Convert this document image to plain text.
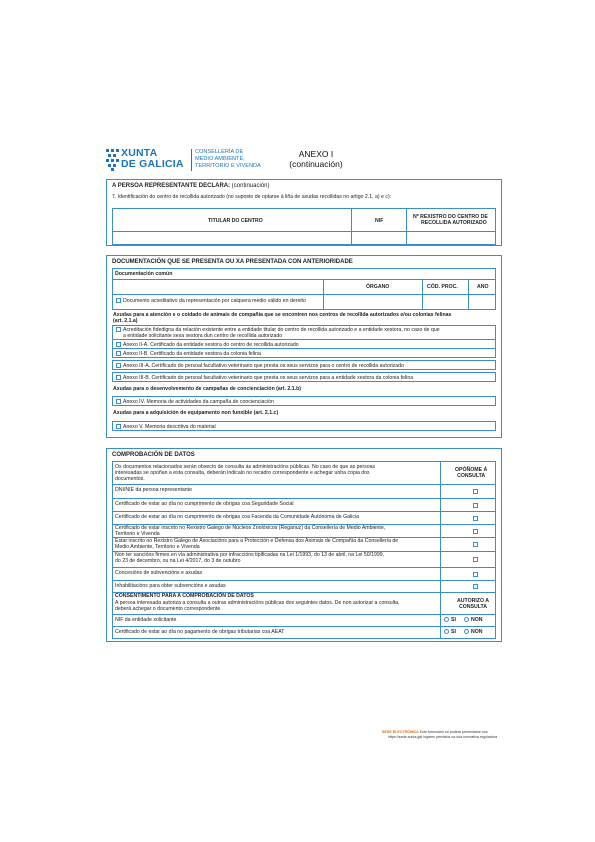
XUNTA
DE GALICIA
CONSELLERÍA DE
MEDIO AMBIENTE,
TERRITORIO E VIVENDA
ANEXO I
(continuación)
A PERSOA REPRESENTANTE DECLARA: (continuación)
7. Identificación do centro de recollida autorizado (no suposto de optarse á liña de axudas recollidas no artigo 2.1, a) e c):
TITULAR DO CENTRO	NIF
Nº REXISTRO DO CENTRO DE
RECOLLIDA AUTORIZADO
DOCUMENTACIÓN QUE SE PRESENTA OU XA PRESENTADA CON ANTERIORIDADE
Documentación común
ÓRGANO	CÓD. PROC.	ANO
Documento acreditativo da representación por calquera medio válido en dereito
Axudas para a atención e o coidado de animais de compañía que se encontren nos centros de recollida autorizados e/ou colonias felinas
(art. 2.1.a)
Acreditación fidedigna da relación existente entre a entidade titular do centro de recollida autorizado e a entidade xestora, no caso de que
a entidade solicitante sexa xestora dun centro de recollida autorizado
Anexo II-A. Certificado da entidade xestora do centro de recollida autorizado
Anexo II-B. Certificado da entidade xestora da colonia felina
Anexo III-A. Certificado do persoal facultativo veterinario que presta os seus servizos para o centro de recollida autorizado
Anexo III-B. Certificado do persoal facultativo veterinario que presta os seus servizos para a entidade xestora da colonia felina
Axudas para o desenvolvemento de campañas de concienciación (art. 2.1.b)
Anexo IV. Memoria de actividades da campaña de concienciación
Axudas para a adquisición de equipamento non funxible (art. 2.1.c)
Anexo V. Memoria descritiva do material
COMPROBACIÓN DE DATOS
Os documentos relacionados serán obxecto de consulta ás administracións públicas. No caso de que as persoas
interesadas se opoñan a esta consulta, deberán indicalo no recadro correspondente e achegar unha copia dos
documentos.
OPÓÑOME Á
CONSULTA
DNI/NIE da persoa representante
Certificado de estar ao día no cumprimento de obrigas coa Seguridade Social
Certificado de estar ao día no cumprimento de obrigas coa Facenda da Comunidade Autónoma de Galicia
Certificado de estar inscrito no Rexistro Galego de Núcleos Zoolóxicos (Reganuz) da Consellería de Medio Ambiente,
Territorio e Vivenda
Estar inscrito no Rexistro Galego de Asociacións para a Protección e Defensa dos Animais de Compañía da Consellería de
Medio Ambiente, Territorio e Vivenda
Non ter sancións firmes en vía administrativa por infraccións tipificadas na Lei 1/1993, do 13 de abril, na Lei 50/1999,
do 23 de decembro, ou na Lei 4/2017, do 3 de outubro
Concesións de subvencións e axudas
Inhabilitacións para obter subvencións e axudas
CONSENTIMENTO PARA A COMPROBACIÓN DE DATOS
A persoa interesada autoriza a consulta a outras administracións públicas dos seguintes datos. De non autorizar a consulta,
deberá achegar o documento correspondente.
AUTORIZO A
CONSULTA
NIF da entidade solicitante	SI	NON
Certificado de estar ao día no pagamento de obrigas tributarias coa AEAT	SI	NON
SEDE ELECTRÓNICA Este formulario só poderá presentarse nos
https://sede.xunta.gal lugares previstos na súa normativa reguladora
